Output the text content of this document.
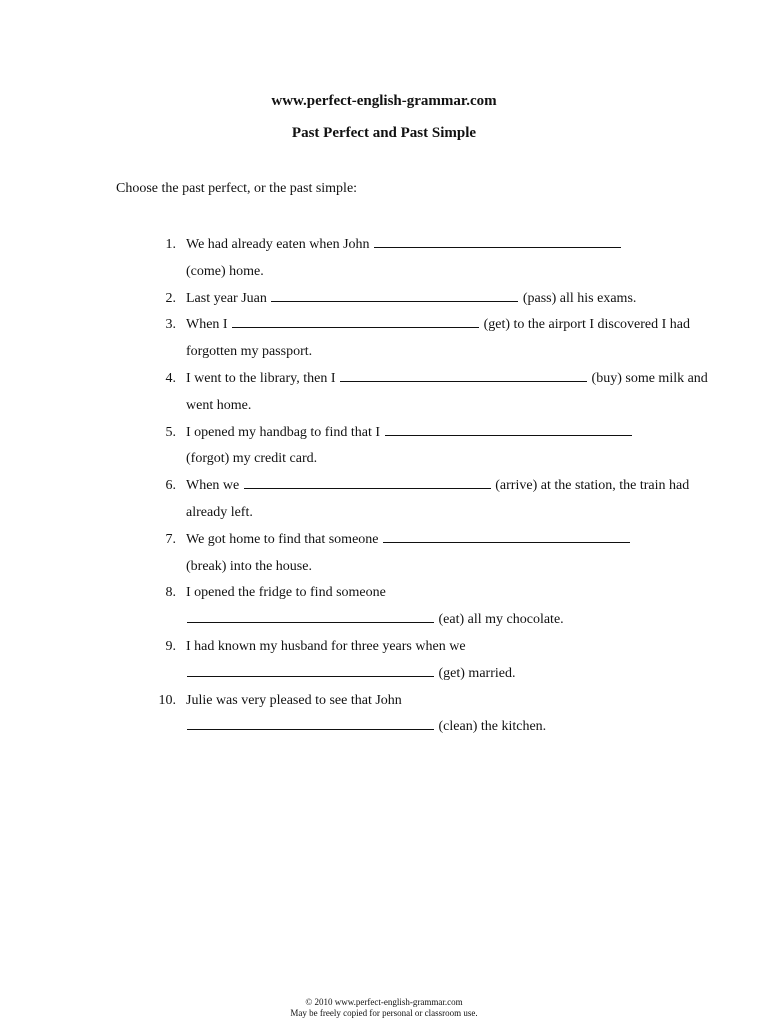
www.perfect-english-grammar.com
Past Perfect and Past Simple
Choose the past perfect, or the past simple:
1. We had already eaten when John
(come) home.
2. Last year Juan	(pass) all his exams.
3. When I	(get) to the airport I discovered I had forgotten my passport.
4. I went to the library, then I	(buy) some milk and went home.
5. I opened my handbag to find that I
(forgot) my credit card.
6. When we	(arrive) at the station, the train had already left.
7. We got home to find that someone
(break) into the house.
8. I opened the fridge to find someone
(eat) all my chocolate.
9. I had known my husband for three years when we
(get) married.
10. Julie was very pleased to see that John
(clean) the kitchen.
© 2010 www.perfect-english-grammar.com
May be freely copied for personal or classroom use.
